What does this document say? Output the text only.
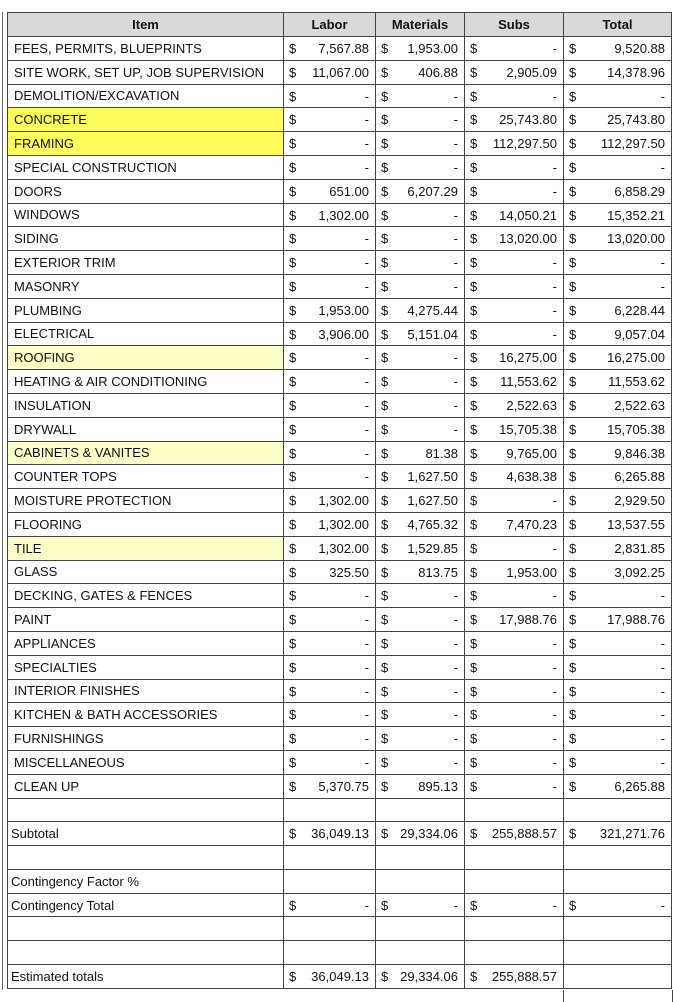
Item	Labor	Materials	Subs	Total
FEES, PERMITS, BLUEPRINTS	$ 7,567.88	$ 1,953.00	$ -	$ 9,520.88

SITE WORK, SET UP, JOB SUPERVISION	$ 11,067.00	$ 406.88	$ 2,905.09	$ 14,378.96

DEMOLITION/EXCAVATION	$ -	$ -	$ -	$ -

CONCRETE	$ -	$ -	$ 25,743.80	$ 25,743.80

FRAMING	$ -	$ -	$ 112,297.50	$ 112,297.50

SPECIAL CONSTRUCTION	$ -	$ -	$ -	$ -

DOORS	$ 651.00	$ 6,207.29	$ -	$ 6,858.29

WINDOWS	$ 1,302.00	$ -	$ 14,050.21	$ 15,352.21

SIDING	$ -	$ -	$ 13,020.00	$ 13,020.00

EXTERIOR TRIM	$ -	$ -	$ -	$ -

MASONRY	$ -	$ -	$ -	$ -

PLUMBING	$ 1,953.00	$ 4,275.44	$ -	$ 6,228.44

ELECTRICAL	$ 3,906.00	$ 5,151.04	$ -	$ 9,057.04

ROOFING	$ -	$ -	$ 16,275.00	$ 16,275.00

HEATING & AIR CONDITIONING	$ -	$ -	$ 11,553.62	$ 11,553.62

INSULATION	$ -	$ -	$ 2,522.63	$ 2,522.63

DRYWALL	$ -	$ -	$ 15,705.38	$ 15,705.38

CABINETS & VANITES	$ -	$ 81.38	$ 9,765.00	$ 9,846.38

COUNTER TOPS	$ -	$ 1,627.50	$ 4,638.38	$ 6,265.88

MOISTURE PROTECTION	$ 1,302.00	$ 1,627.50	$ -	$ 2,929.50

FLOORING	$ 1,302.00	$ 4,765.32	$ 7,470.23	$ 13,537.55

TILE	$ 1,302.00	$ 1,529.85	$ -	$ 2,831.85

GLASS	$ 325.50	$ 813.75	$ 1,953.00	$ 3,092.25

DECKING, GATES & FENCES	$ -	$ -	$ -	$ -

PAINT	$ -	$ -	$ 17,988.76	$ 17,988.76

APPLIANCES	$ -	$ -	$ -	$ -

SPECIALTIES	$ -	$ -	$ -	$ -

INTERIOR FINISHES	$ -	$ -	$ -	$ -

KITCHEN & BATH ACCESSORIES	$ -	$ -	$ -	$ -

FURNISHINGS	$ -	$ -	$ -	$ -

MISCELLANEOUS	$ -	$ -	$ -	$ -

CLEAN UP	$ 5,370.75	$ 895.13	$ -	$ 6,265.88

Subtotal	$ 36,049.13	$ 29,334.06	$ 255,888.57	$ 321,271.76

Contingency Factor %				
Contingency Total	$ -	$ -	$ -	$ -

Estimated totals	$ 36,049.13	$ 29,334.06	$ 255,888.57	
